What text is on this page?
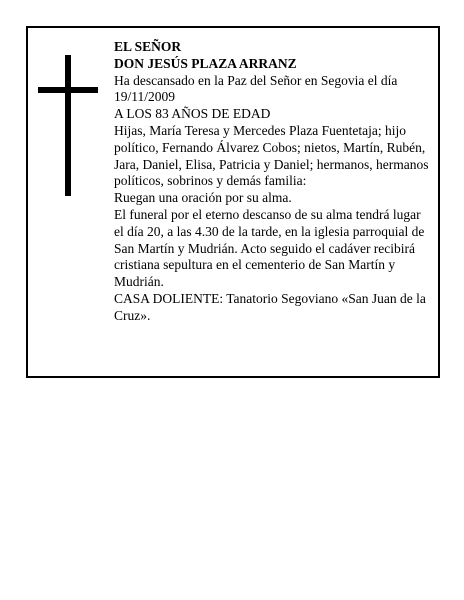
EL SEÑOR

DON JESÚS PLAZA ARRANZ

Ha descansado en la Paz del Señor en Segovia el día 19/11/2009

A LOS 83 AÑOS DE EDAD

Hijas, María Teresa y Mercedes Plaza Fuentetaja; hijo político, Fernando Álvarez Cobos; nietos, Martín, Rubén, Jara, Daniel, Elisa, Patricia y Daniel; hermanos, hermanos políticos, sobrinos y demás familia:

Ruegan una oración por su alma.

El funeral por el eterno descanso de su alma tendrá lugar el día 20, a las 4.30 de la tarde, en la iglesia parroquial de San Martín y Mudrián. Acto seguido el cadáver recibirá cristiana sepultura en el cementerio de San Martín y Mudrián.

CASA DOLIENTE: Tanatorio Segoviano «San Juan de la Cruz».
